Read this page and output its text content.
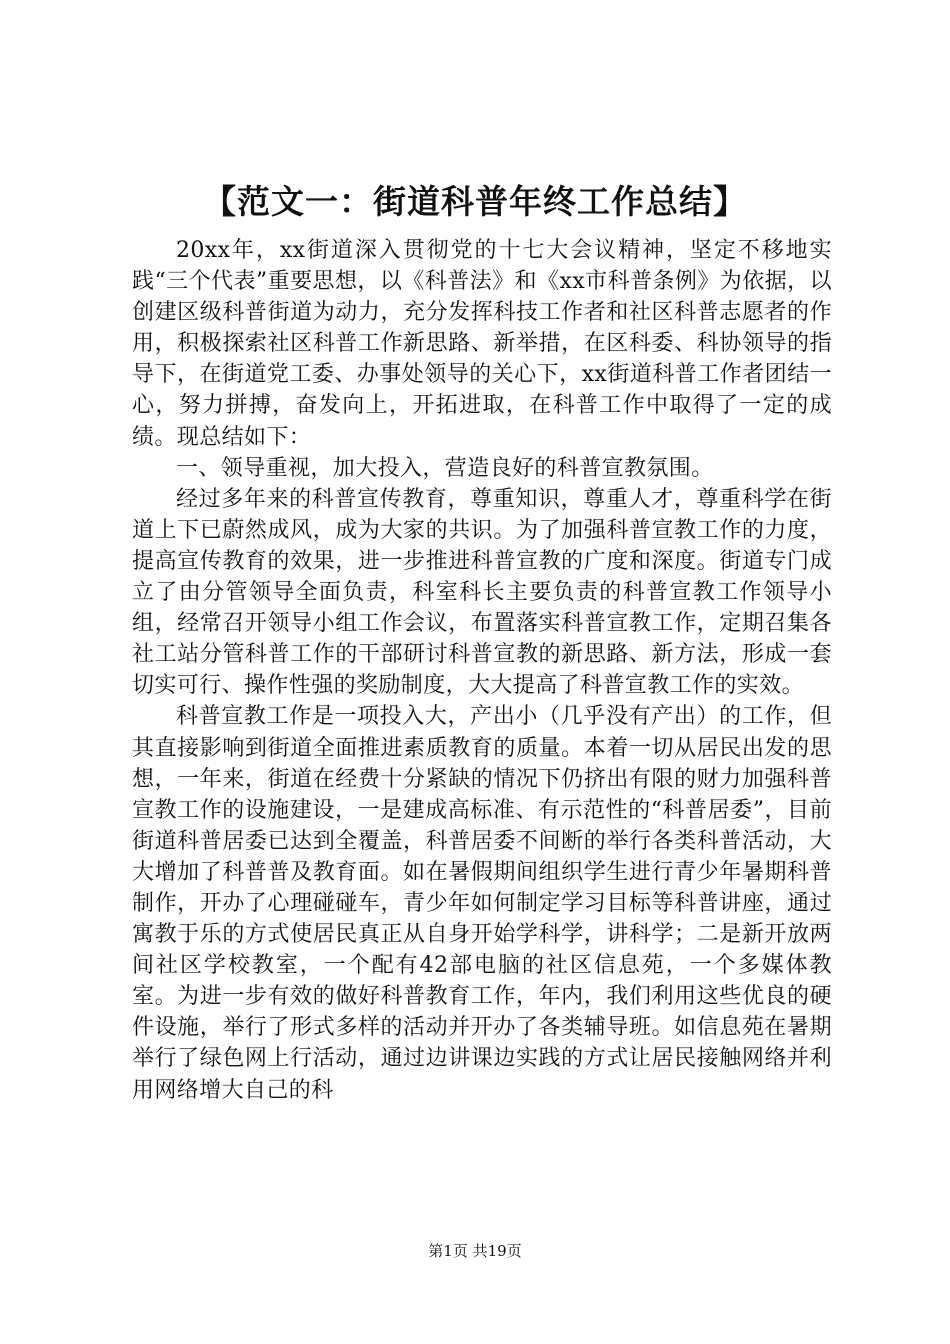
【范文一：街道科普年终工作总结】

20xx年，xx街道深入贯彻党的十七大会议精神，坚定不移地实践“三个代表”重要思想，以《科普法》和《xx市科普条例》为依据，以创建区级科普街道为动力，充分发挥科技工作者和社区科普志愿者的作用，积极探索社区科普工作新思路、新举措，在区科委、科协领导的指导下，在街道党工委、办事处领导的关心下，xx街道科普工作者团结一心，努力拼搏，奋发向上，开拓进取，在科普工作中取得了一定的成绩。现总结如下：

一、领导重视，加大投入，营造良好的科普宣教氛围。

经过多年来的科普宣传教育，尊重知识，尊重人才，尊重科学在街道上下已蔚然成风，成为大家的共识。为了加强科普宣教工作的力度，提高宣传教育的效果，进一步推进科普宣教的广度和深度。街道专门成立了由分管领导全面负责，科室科长主要负责的科普宣教工作领导小组，经常召开领导小组工作会议，布置落实科普宣教工作，定期召集各社工站分管科普工作的干部研讨科普宣教的新思路、新方法，形成一套切实可行、操作性强的奖励制度，大大提高了科普宣教工作的实效。

科普宣教工作是一项投入大，产出小（几乎没有产出）的工作，但其直接影响到街道全面推进素质教育的质量。本着一切从居民出发的思想，一年来，街道在经费十分紧缺的情况下仍挤出有限的财力加强科普宣教工作的设施建设，一是建成高标准、有示范性的“科普居委”，目前街道科普居委已达到全覆盖，科普居委不间断的举行各类科普活动，大大增加了科普普及教育面。如在暑假期间组织学生进行青少年暑期科普制作，开办了心理碰碰车，青少年如何制定学习目标等科普讲座，通过寓教于乐的方式使居民真正从自身开始学科学，讲科学；二是新开放两间社区学校教室，一个配有42部电脑的社区信息苑，一个多媒体教室。为进一步有效的做好科普教育工作，年内，我们利用这些优良的硬件设施，举行了形式多样的活动并开办了各类辅导班。如信息苑在暑期举行了绿色网上行活动，通过边讲课边实践的方式让居民接触网络并利用网络增大自己的科

第1页 共19页
